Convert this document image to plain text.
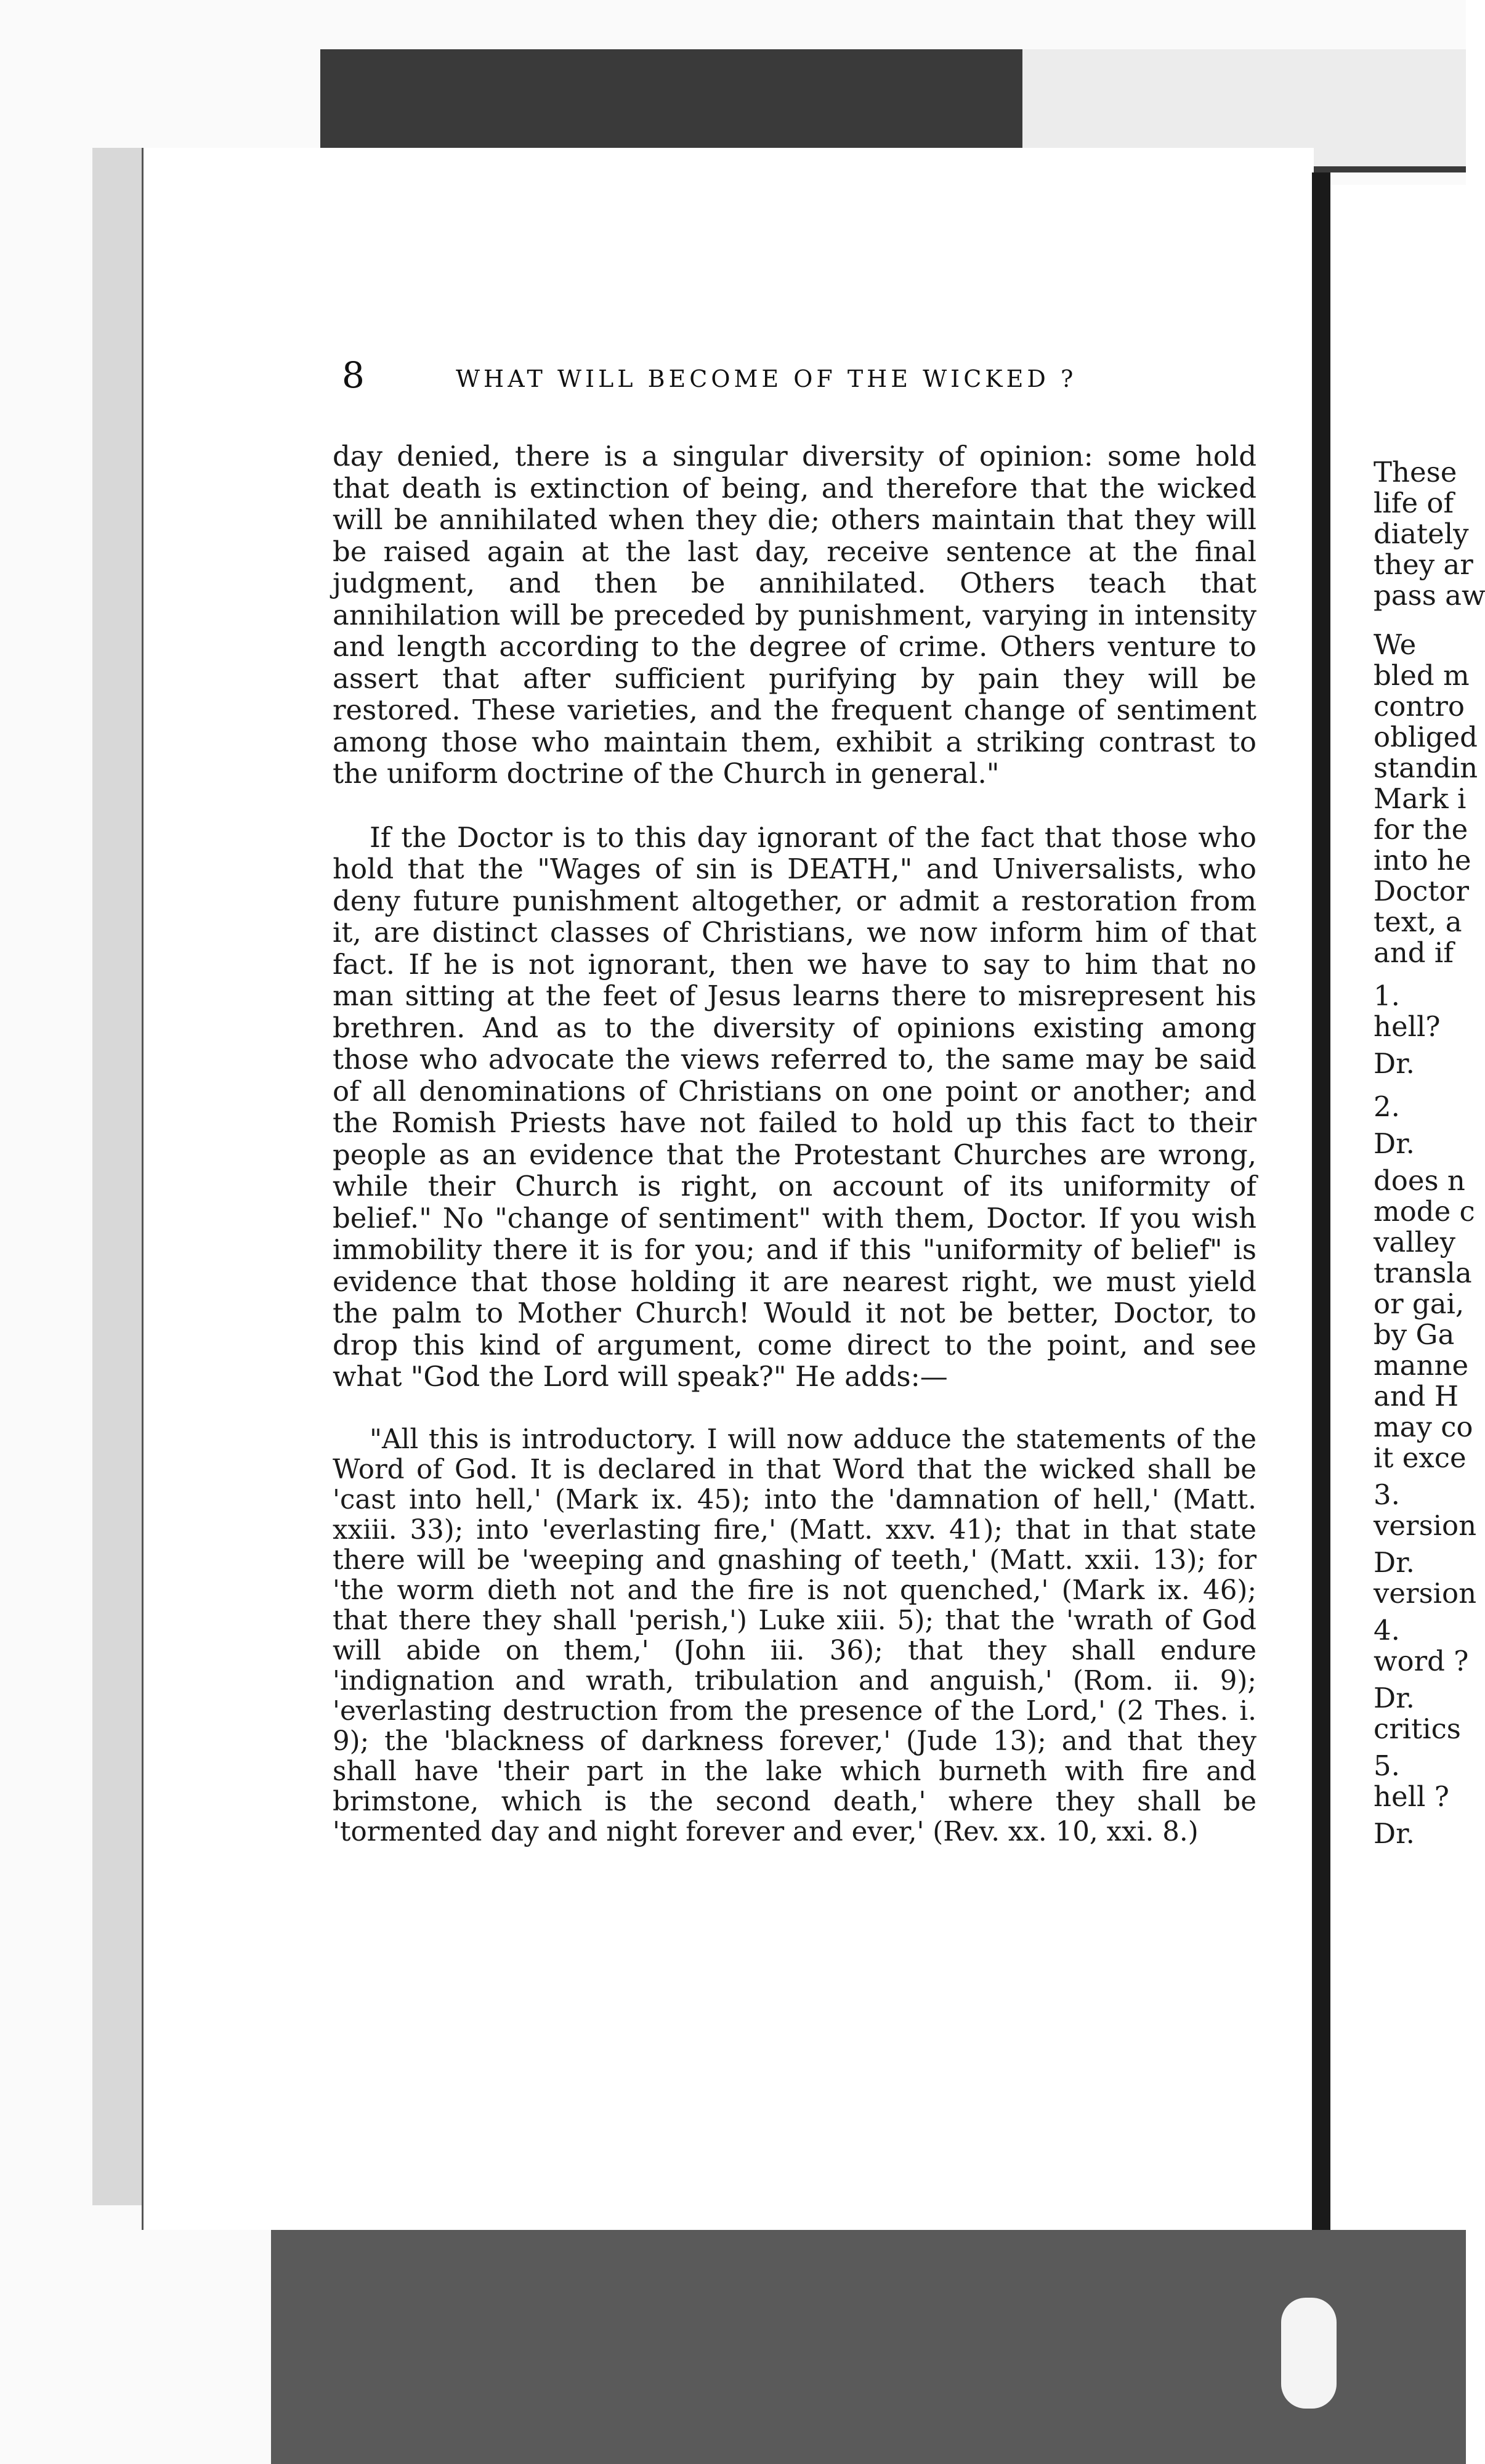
8	WHAT WILL BECOME OF THE WICKED ?

day denied, there is a singular diversity of opinion: some hold that death is extinction of being, and therefore that the wicked will be annihilated when they die; others maintain that they will be raised again at the last day, receive sentence at the final judgment, and then be annihilated. Others teach that annihilation will be preceded by punishment, varying in intensity and length according to the degree of crime. Others venture to assert that after sufficient purifying by pain they will be restored. These varieties, and the frequent change of sentiment among those who maintain them, exhibit a striking contrast to the uniform doctrine of the Church in general."

If the Doctor is to this day ignorant of the fact that those who hold that the "Wages of sin is DEATH," and Universalists, who deny future punishment altogether, or admit a restoration from it, are distinct classes of Christians, we now inform him of that fact. If he is not ignorant, then we have to say to him that no man sitting at the feet of Jesus learns there to misrepresent his brethren. And as to the diversity of opinions existing among those who advocate the views referred to, the same may be said of all denominations of Christians on one point or another; and the Romish Priests have not failed to hold up this fact to their people as an evidence that the Protestant Churches are wrong, while their Church is right, on account of its uniformity of belief." No "change of sentiment" with them, Doctor. If you wish immobility there it is for you; and if this "uniformity of belief" is evidence that those holding it are nearest right, we must yield the palm to Mother Church! Would it not be better, Doctor, to drop this kind of argument, come direct to the point, and see what "God the Lord will speak?" He adds:—

"All this is introductory. I will now adduce the statements of the Word of God. It is declared in that Word that the wicked shall be 'cast into hell,' (Mark ix. 45); into the 'damnation of hell,' (Matt. xxiii. 33); into 'everlasting fire,' (Matt. xxv. 41); that in that state there will be 'weeping and gnashing of teeth,' (Matt. xxii. 13); for 'the worm dieth not and the fire is not quenched,' (Mark ix. 46); that there they shall 'perish,') Luke xiii. 5); that the 'wrath of God will abide on them,' (John iii. 36); that they shall endure 'indignation and wrath, tribulation and anguish,' (Rom. ii. 9); 'everlasting destruction from the presence of the Lord,' (2 Thes. i. 9); the 'blackness of darkness forever,' (Jude 13); and that they shall have 'their part in the lake which burneth with fire and brimstone, which is the second death,' where they shall be 'tormented day and night forever and ever,' (Rev. xx. 10, xxi. 8.)

These
life of
diately
they ar
pass aw
We
bled m
contro
obliged
standin
Mark i
for the
into he
Doctor
text, a
and if
1.
hell?
Dr.
2.
Dr.
does n
mode c
valley
transla
or gai,
by Ga
manne
and H
may co
it exce
3.
version
Dr.
version
4.
word ?
Dr.
critics
5.
hell ?
Dr.
